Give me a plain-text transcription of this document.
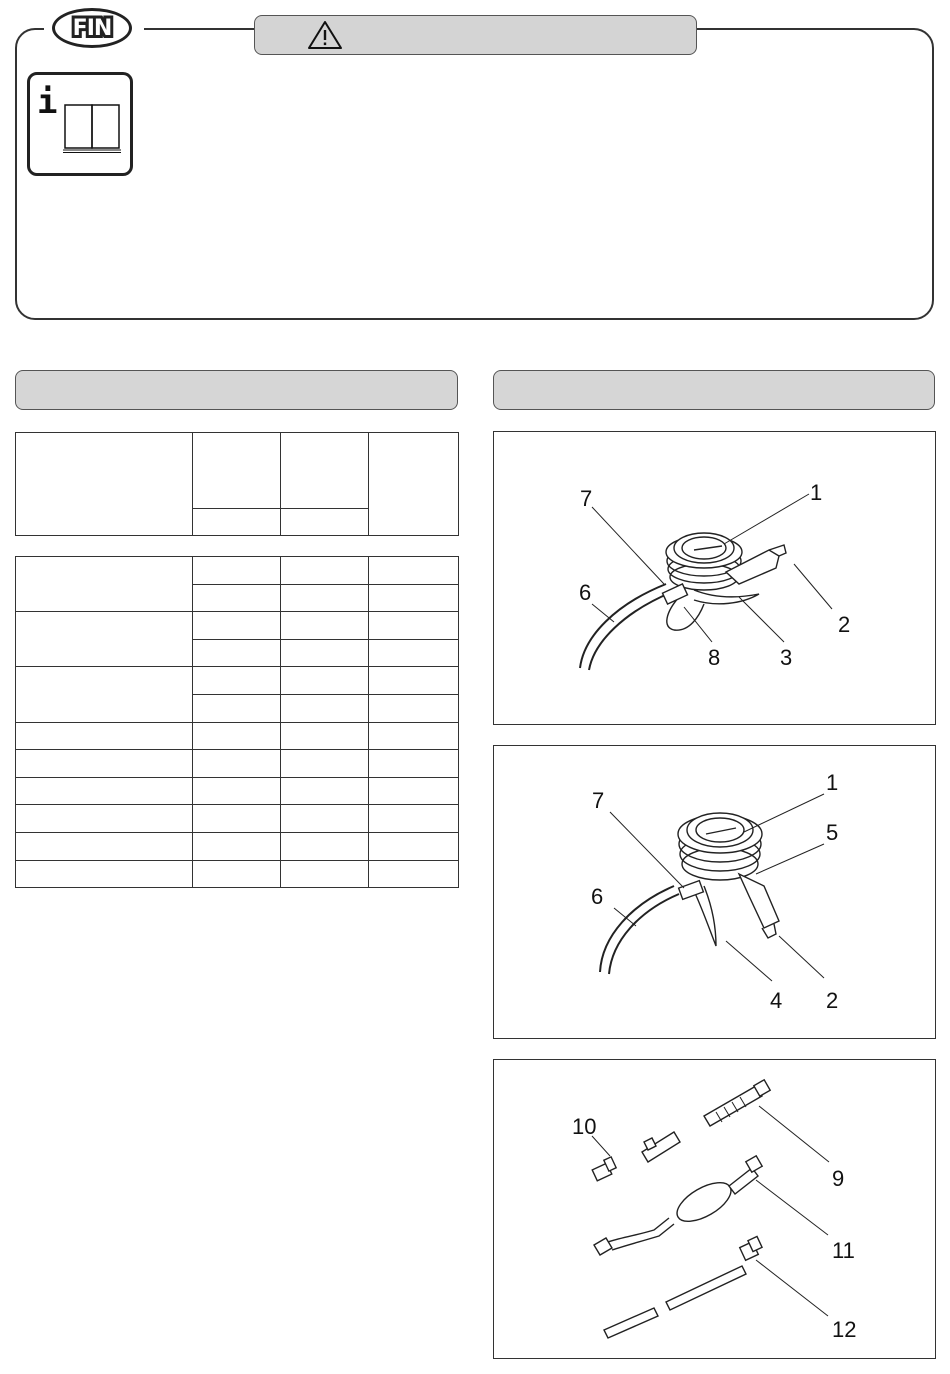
FIN
i

1
2
3
6
7
8
1
2
4
5
6
7
9
10
11
12
